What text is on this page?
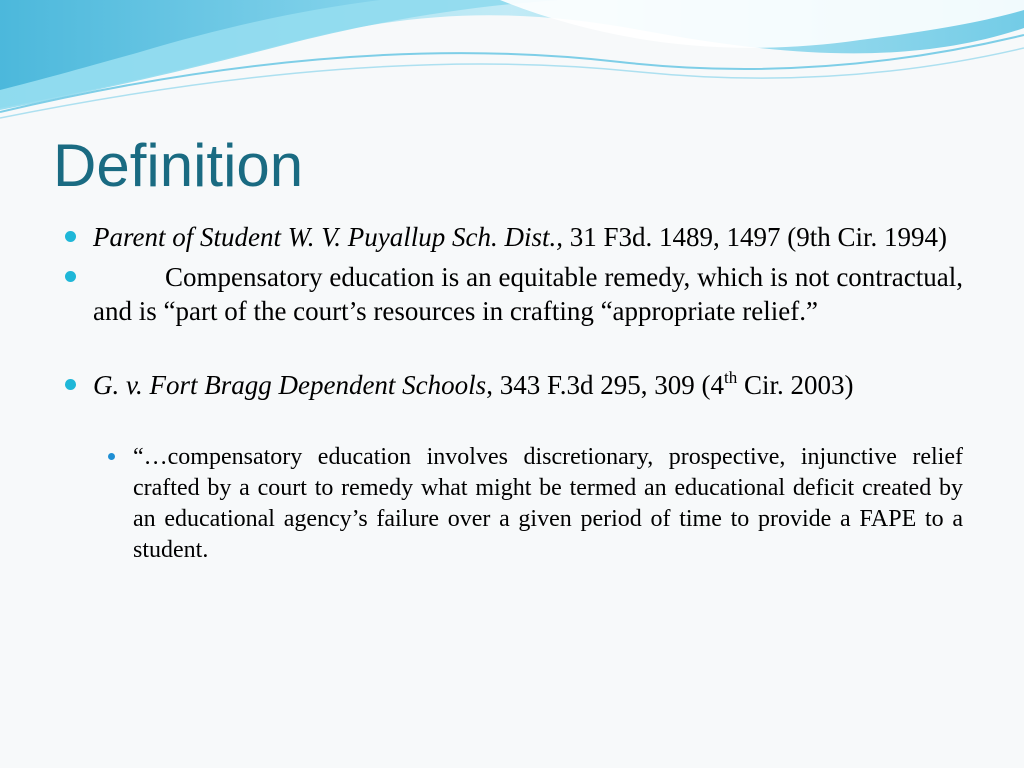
Definition
Parent of Student W. V. Puyallup Sch. Dist., 31 F3d. 1489, 1497 (9th Cir. 1994)
Compensatory education is an equitable remedy, which is not contractual, and is “part of the court’s resources in crafting “appropriate relief.”
G. v. Fort Bragg Dependent Schools, 343 F.3d 295, 309 (4th Cir. 2003)
“…compensatory education involves discretionary, prospective, injunctive relief crafted by a court to remedy what might be termed an educational deficit created by an educational agency’s failure over a given period of time to provide a FAPE to a student.
